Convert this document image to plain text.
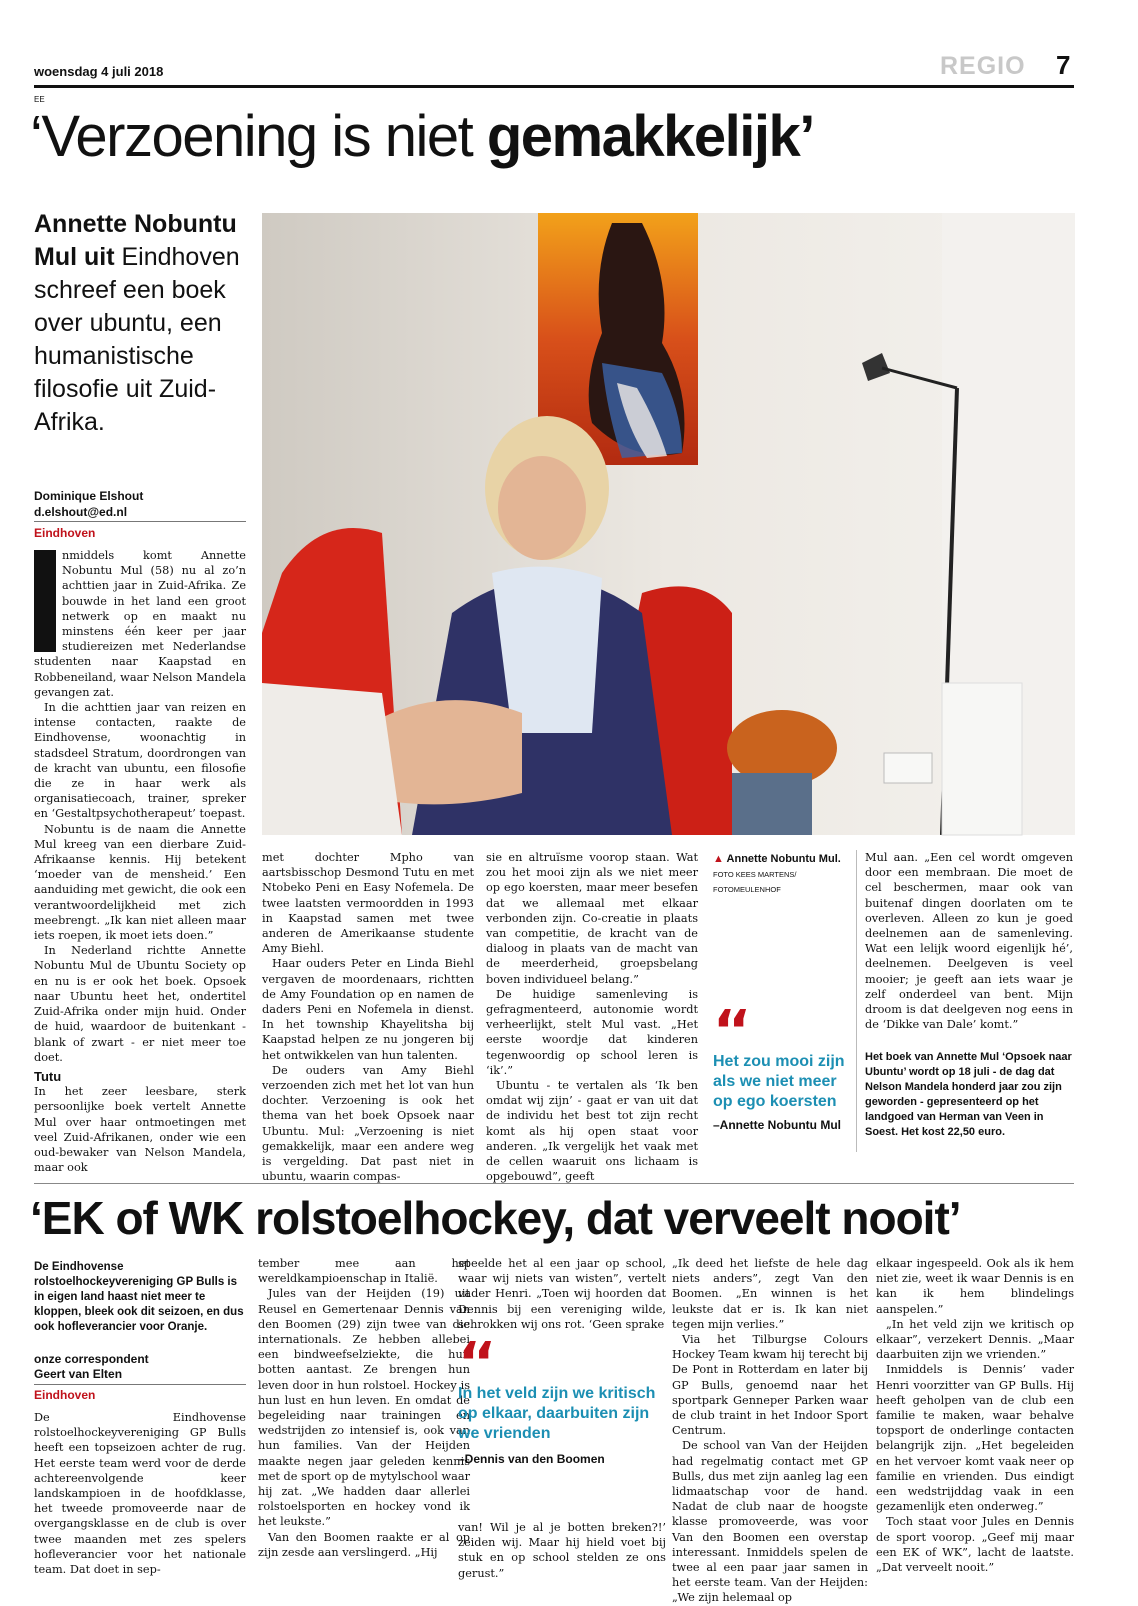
woensdag 4 juli 2018	REGIO 7
EE
‘Verzoening is niet gemakkelijk’
Annette Nobuntu Mul uit Eindhoven schreef een boek over ubuntu, een humanistische filosofie uit Zuid-Afrika.
Dominique Elshout
d.elshout@ed.nl
Eindhoven

nmiddels komt Annette Nobuntu Mul (58) nu al zo’n achttien jaar in Zuid-Afrika. Ze bouwde in het land een groot netwerk op en maakt nu minstens één keer per jaar studiereizen met Nederlandse studenten naar Kaapstad en Robbeneiland, waar Nelson Mandela gevangen zat.

In die achttien jaar van reizen en intense contacten, raakte de Eindhovense, woonachtig in stadsdeel Stratum, doordrongen van de kracht van ubuntu, een filosofie die ze in haar werk als organisatiecoach, trainer, spreker en ‘Gestaltpsychotherapeut’ toepast.

Nobuntu is de naam die Annette Mul kreeg van een dierbare Zuid-Afrikaanse kennis. Hij betekent ‘moeder van de mensheid.’ Een aanduiding met gewicht, die ook een verantwoordelijkheid met zich meebrengt. „Ik kan niet alleen maar iets roepen, ik moet iets doen.”

In Nederland richtte Annette Nobuntu Mul de Ubuntu Society op en nu is er ook het boek. Opsoek naar Ubuntu heet het, ondertitel Zuid-Afrika onder mijn huid. Onder de huid, waardoor de buitenkant - blank of zwart - er niet meer toe doet.

Tutu

In het zeer leesbare, sterk persoonlijke boek vertelt Annette Mul over haar ontmoetingen met veel Zuid-Afrikanen, onder wie een oud-bewaker van Nelson Mandela, maar ook

met dochter Mpho van aartsbisschop Desmond Tutu en met Ntobeko Peni en Easy Nofemela. De twee laatsten vermoordden in 1993 in Kaapstad samen met twee anderen de Amerikaanse studente Amy Biehl.

Haar ouders Peter en Linda Biehl vergaven de moordenaars, richtten de Amy Foundation op en namen de daders Peni en Nofemela in dienst. In het township Khayelitsha bij Kaapstad helpen ze nu jongeren bij het ontwikkelen van hun talenten.

De ouders van Amy Biehl verzoenden zich met het lot van hun dochter. Verzoening is ook het thema van het boek Opsoek naar Ubuntu. Mul: „Verzoening is niet gemakkelijk, maar een andere weg is vergelding. Dat past niet in ubuntu, waarin compas-

sie en altruïsme voorop staan. Wat zou het mooi zijn als we niet meer op ego koersten, maar meer besefen dat we allemaal met elkaar verbonden zijn. Co-creatie in plaats van competitie, de kracht van de dialoog in plaats van de macht van de meerderheid, groepsbelang boven individueel belang.”

De huidige samenleving is gefragmenteerd, autonomie wordt verheerlijkt, stelt Mul vast. „Het eerste woordje dat kinderen tegenwoordig op school leren is ‘ik’.”

Ubuntu - te vertalen als ‘Ik ben omdat wij zijn’ - gaat er van uit dat de individu het best tot zijn recht komt als hij open staat voor anderen. „Ik vergelijk het vaak met de cellen waaruit ons lichaam is opgebouwd”, geeft

▲ Annette Nobuntu Mul. FOTO KEES MARTENS/ FOTOMEULENHOF
‘‘
Het zou mooi zijn als we niet meer op ego koersten
–Annette Nobuntu Mul

Mul aan. „Een cel wordt omgeven door een membraan. Die moet de cel beschermen, maar ook van buitenaf dingen doorlaten om te overleven. Alleen zo kun je goed deelnemen aan de samenleving. Wat een lelijk woord eigenlijk hé’, deelnemen. Deelgeven is veel mooier; je geeft aan iets waar je zelf onderdeel van bent. Mijn droom is dat deelgeven nog eens in de ‘Dikke van Dale’ komt.”

Het boek van Annette Mul ‘Opsoek naar Ubuntu’ wordt op 18 juli - de dag dat Nelson Mandela honderd jaar zou zijn geworden - gepresenteerd op het landgoed van Herman van Veen in Soest. Het kost 22,50 euro.
‘EK of WK rolstoelhockey, dat verveelt nooit’
De Eindhovense rolstoelhockeyvereniging GP Bulls is in eigen land haast niet meer te kloppen, bleek ook dit seizoen, en dus ook hofleverancier voor Oranje.
onze correspondent
Geert van Elten
Eindhoven

De Eindhovense rolstoelhockeyvereniging GP Bulls heeft een topseizoen achter de rug. Het eerste team werd voor de derde achtereenvolgende keer landskampioen in de hoofdklasse, het tweede promoveerde naar de overgangsklasse en de club is over twee maanden met zes spelers hofleverancier voor het nationale team. Dat doet in sep-

tember mee aan het wereldkampioenschap in Italië.

Jules van der Heijden (19) uit Reusel en Gemertenaar Dennis van den Boomen (29) zijn twee van die internationals. Ze hebben allebei een bindweefselziekte, die hun botten aantast. Ze brengen hun leven door in hun rolstoel. Hockey is hun lust en hun leven. En omdat de begeleiding naar trainingen en wedstrijden zo intensief is, ook van hun families. Van der Heijden maakte negen jaar geleden kennis met de sport op de mytylschool waar hij zat. „We hadden daar allerlei rolstoelsporten en hockey vond ik het leukste.”

Van den Boomen raakte er al op zijn zesde aan verslingerd. „Hij

speelde het al een jaar op school, waar wij niets van wisten”, vertelt vader Henri. „Toen wij hoorden dat Dennis bij een vereniging wilde, schrokken wij ons rot. ‘Geen sprake

‘‘
In het veld zijn we kritisch op elkaar, daarbuiten zijn we vrienden
–Dennis van den Boomen

van! Wil je al je botten breken?!’ zeiden wij. Maar hij hield voet bij stuk en op school stelden ze ons gerust.”

„Ik deed het liefste de hele dag niets anders”, zegt Van den Boomen. „En winnen is het leukste dat er is. Ik kan niet tegen mijn verlies.”

Via het Tilburgse Colours Hockey Team kwam hij terecht bij De Pont in Rotterdam en later bij GP Bulls, genoemd naar het sportpark Genneper Parken waar de club traint in het Indoor Sport Centrum.

De school van Van der Heijden had regelmatig contact met GP Bulls, dus met zijn aanleg lag een lidmaatschap voor de hand. Nadat de club naar de hoogste klasse promoveerde, was voor Van den Boomen een overstap interessant. Inmiddels spelen de twee al een paar jaar samen in het eerste team. Van der Heijden: „We zijn helemaal op

elkaar ingespeeld. Ook als ik hem niet zie, weet ik waar Dennis is en kan ik hem blindelings aanspelen.”

„In het veld zijn we kritisch op elkaar”, verzekert Dennis. „Maar daarbuiten zijn we vrienden.”

Inmiddels is Dennis’ vader Henri voorzitter van GP Bulls. Hij heeft geholpen van de club een familie te maken, waar behalve topsport de onderlinge contacten belangrijk zijn. „Het begeleiden en het vervoer komt vaak neer op familie en vrienden. Dus eindigt een wedstrijddag vaak in een gezamenlijk eten onderweg.”

Toch staat voor Jules en Dennis de sport voorop. „Geef mij maar een EK of WK”, lacht de laatste. „Dat verveelt nooit.”
